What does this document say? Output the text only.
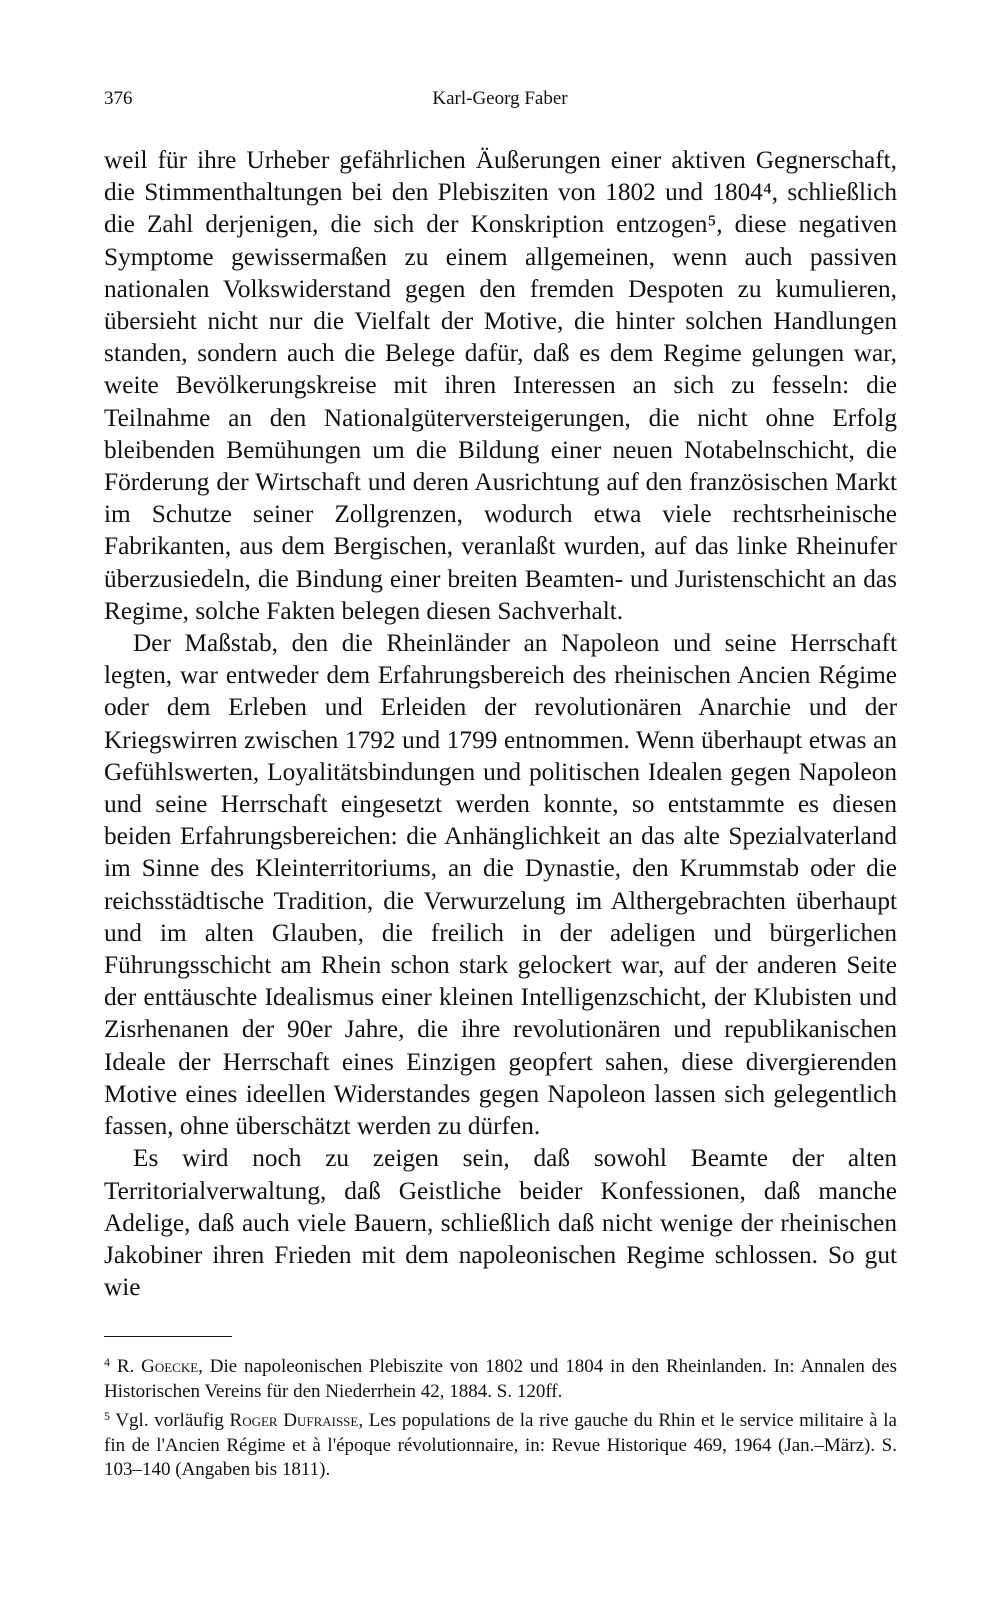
376	Karl-Georg Faber

weil für ihre Urheber gefährlichen Äußerungen einer aktiven Gegnerschaft, die Stimmenthaltungen bei den Plebisziten von 1802 und 1804⁴, schließlich die Zahl derjenigen, die sich der Konskription entzogen⁵, diese negativen Symptome gewissermaßen zu einem allgemeinen, wenn auch passiven nationalen Volkswiderstand gegen den fremden Despoten zu kumulieren, übersieht nicht nur die Vielfalt der Motive, die hinter solchen Handlungen standen, sondern auch die Belege dafür, daß es dem Regime gelungen war, weite Bevölkerungskreise mit ihren Interessen an sich zu fesseln: die Teilnahme an den Nationalgüterversteigerungen, die nicht ohne Erfolg bleibenden Bemühungen um die Bildung einer neuen Notabelnschicht, die Förderung der Wirtschaft und deren Ausrichtung auf den französischen Markt im Schutze seiner Zollgrenzen, wodurch etwa viele rechtsrheinische Fabrikanten, aus dem Bergischen, veranlaßt wurden, auf das linke Rheinufer überzusiedeln, die Bindung einer breiten Beamten- und Juristenschicht an das Regime, solche Fakten belegen diesen Sachverhalt.

Der Maßstab, den die Rheinländer an Napoleon und seine Herrschaft legten, war entweder dem Erfahrungsbereich des rheinischen Ancien Régime oder dem Erleben und Erleiden der revolutionären Anarchie und der Kriegswirren zwischen 1792 und 1799 entnommen. Wenn überhaupt etwas an Gefühlswerten, Loyalitätsbindungen und politischen Idealen gegen Napoleon und seine Herrschaft eingesetzt werden konnte, so entstammte es diesen beiden Erfahrungsbereichen: die Anhänglichkeit an das alte Spezialvaterland im Sinne des Kleinterritoriums, an die Dynastie, den Krummstab oder die reichsstädtische Tradition, die Verwurzelung im Althergebrachten überhaupt und im alten Glauben, die freilich in der adeligen und bürgerlichen Führungsschicht am Rhein schon stark gelockert war, auf der anderen Seite der enttäuschte Idealismus einer kleinen Intelligenzschicht, der Klubisten und Zisrhenanen der 90er Jahre, die ihre revolutionären und republikanischen Ideale der Herrschaft eines Einzigen geopfert sahen, diese divergierenden Motive eines ideellen Widerstandes gegen Napoleon lassen sich gelegentlich fassen, ohne überschätzt werden zu dürfen.

Es wird noch zu zeigen sein, daß sowohl Beamte der alten Territorialverwaltung, daß Geistliche beider Konfessionen, daß manche Adelige, daß auch viele Bauern, schließlich daß nicht wenige der rheinischen Jakobiner ihren Frieden mit dem napoleonischen Regime schlossen. So gut wie

$^4$ R. Goecke, Die napoleonischen Plebiszite von 1802 und 1804 in den Rheinlanden. In: Annalen des Historischen Vereins für den Niederrhein 42, 1884. S. 120ff.

$^5$ Vgl. vorläufig Roger Dufraisse, Les populations de la rive gauche du Rhin et le service militaire à la fin de l'Ancien Régime et à l'époque révolutionnaire, in: Revue Historique 469, 1964 (Jan.–März). S. 103–140 (Angaben bis 1811).
